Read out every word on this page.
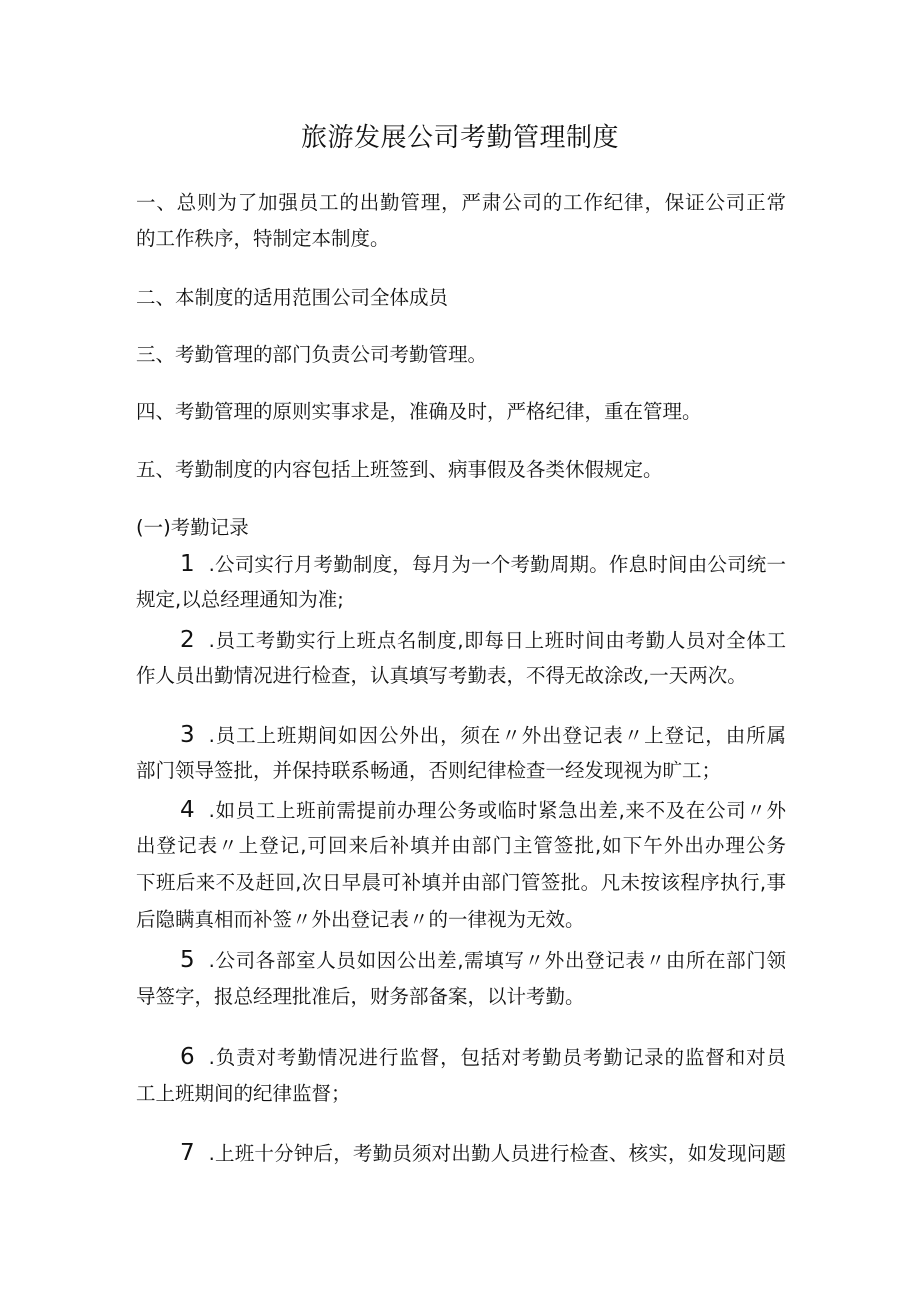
旅游发展公司考勤管理制度
一、总则为了加强员工的出勤管理，严肃公司的工作纪律，保证公司正常
的工作秩序，特制定本制度。
二、本制度的适用范围公司全体成员
三、考勤管理的部门负责公司考勤管理。
四、考勤管理的原则实事求是，准确及时，严格纪律，重在管理。
五、考勤制度的内容包括上班签到、病事假及各类休假规定。
(一)考勤记录
1 .公司实行月考勤制度，每月为一个考勤周期。作息时间由公司统一
规定,以总经理通知为准;
2 .员工考勤实行上班点名制度,即每日上班时间由考勤人员对全体工
作人员出勤情况进行检查，认真填写考勤表，不得无故涂改,一天两次。
3 .员工上班期间如因公外出，须在〃外出登记表〃上登记，由所属
部门领导签批，并保持联系畅通，否则纪律检查一经发现视为旷工；
4 .如员工上班前需提前办理公务或临时紧急出差,来不及在公司〃外
出登记表〃上登记,可回来后补填并由部门主管签批,如下午外出办理公务
下班后来不及赶回,次日早晨可补填并由部门管签批。凡未按该程序执行,事
后隐瞒真相而补签〃外出登记表〃的一律视为无效。
5 .公司各部室人员如因公出差,需填写〃外出登记表〃由所在部门领
导签字，报总经理批准后，财务部备案，以计考勤。
6 .负责对考勤情况进行监督，包括对考勤员考勤记录的监督和对员
工上班期间的纪律监督；
7 .上班十分钟后，考勤员须对出勤人员进行检查、核实，如发现问题
